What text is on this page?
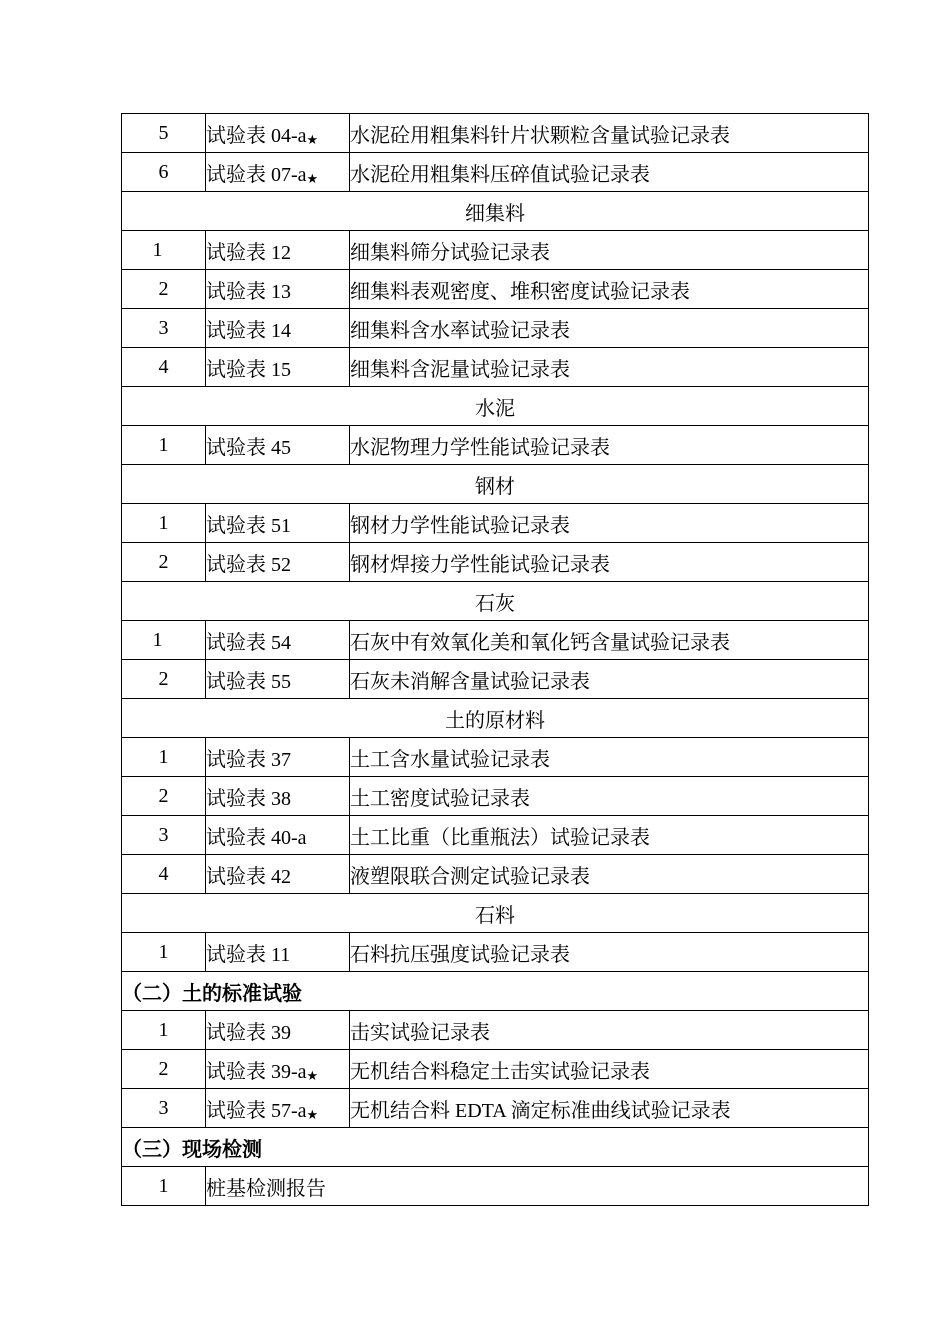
5	试验表 04-a★	水泥砼用粗集料针片状颗粒含量试验记录表
6	试验表 07-a★	水泥砼用粗集料压碎值试验记录表
细集料		
1	试验表 12	细集料筛分试验记录表
2	试验表 13	细集料表观密度、堆积密度试验记录表
3	试验表 14	细集料含水率试验记录表
4	试验表 15	细集料含泥量试验记录表
水泥		
1	试验表 45	水泥物理力学性能试验记录表
钢材		
1	试验表 51	钢材力学性能试验记录表
2	试验表 52	钢材焊接力学性能试验记录表
石灰		
1	试验表 54	石灰中有效氧化美和氧化钙含量试验记录表
2	试验表 55	石灰未消解含量试验记录表
土的原材料		
1	试验表 37	土工含水量试验记录表
2	试验表 38	土工密度试验记录表
3	试验表 40-a	土工比重（比重瓶法）试验记录表
4	试验表 42	液塑限联合测定试验记录表
石料		
1	试验表 11	石料抗压强度试验记录表
（二）土的标准试验		
1	试验表 39	击实试验记录表
2	试验表 39-a★	无机结合料稳定土击实试验记录表
3	试验表 57-a★	无机结合料 EDTA 滴定标准曲线试验记录表
（三）现场检测		
1	桩基检测报告	
